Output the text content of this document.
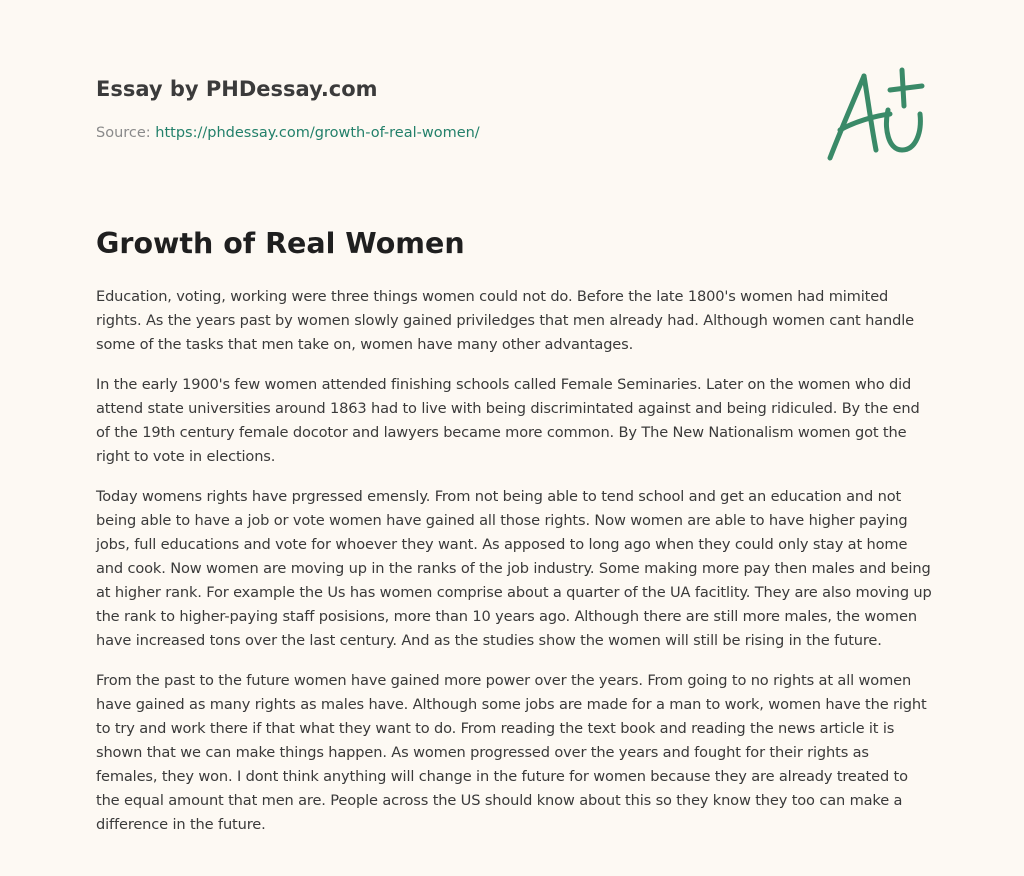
Essay by PHDessay.com
Source: https://phdessay.com/growth-of-real-women/
Growth of Real Women

Education, voting, working were three things women could not do. Before the late 1800's women had mimited rights. As the years past by women slowly gained priviledges that men already had. Although women cant handle some of the tasks that men take on, women have many other advantages.

In the early 1900's few women attended finishing schools called Female Seminaries. Later on the women who did attend state universities around 1863 had to live with being discrimintated against and being ridiculed. By the end of the 19th century female docotor and lawyers became more common. By The New Nationalism women got the right to vote in elections.

Today womens rights have prgressed emensly. From not being able to tend school and get an education and not being able to have a job or vote women have gained all those rights. Now women are able to have higher paying jobs, full educations and vote for whoever they want. As apposed to long ago when they could only stay at home and cook. Now women are moving up in the ranks of the job industry. Some making more pay then males and being at higher rank. For example the Us has women comprise about a quarter of the UA facitlity. They are also moving up the rank to higher-paying staff posisions, more than 10 years ago. Although there are still more males, the women have increased tons over the last century. And as the studies show the women will still be rising in the future.

From the past to the future women have gained more power over the years. From going to no rights at all women have gained as many rights as males have. Although some jobs are made for a man to work, women have the right to try and work there if that what they want to do. From reading the text book and reading the news article it is shown that we can make things happen. As women progressed over the years and fought for their rights as females, they won. I dont think anything will change in the future for women because they are already treated to the equal amount that men are. People across the US should know about this so they know they too can make a difference in the future.
